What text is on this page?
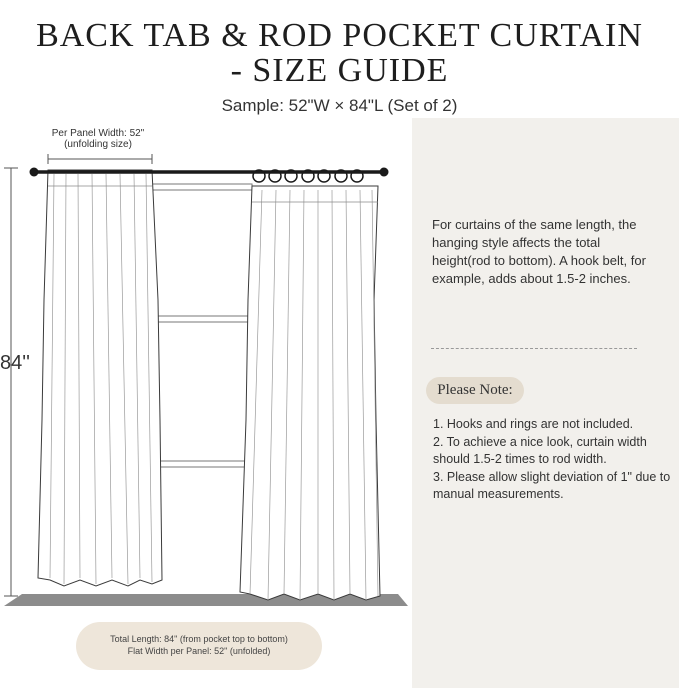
BACK TAB & ROD POCKET CURTAIN
- SIZE GUIDE
Sample: 52"W × 84"L (Set of 2)
Per Panel Width: 52"
(unfolding size)
84''
For curtains of the same length, the hanging style affects the total height(rod to bottom). A hook belt, for example, adds about 1.5-2 inches.
Please Note:
1. Hooks and rings are not included.
2. To achieve a nice look, curtain width should 1.5-2 times to rod width.
3. Please allow slight deviation of 1" due to manual measurements.
Total Length: 84" (from pocket top to bottom)
Flat Width per Panel: 52" (unfolded)
